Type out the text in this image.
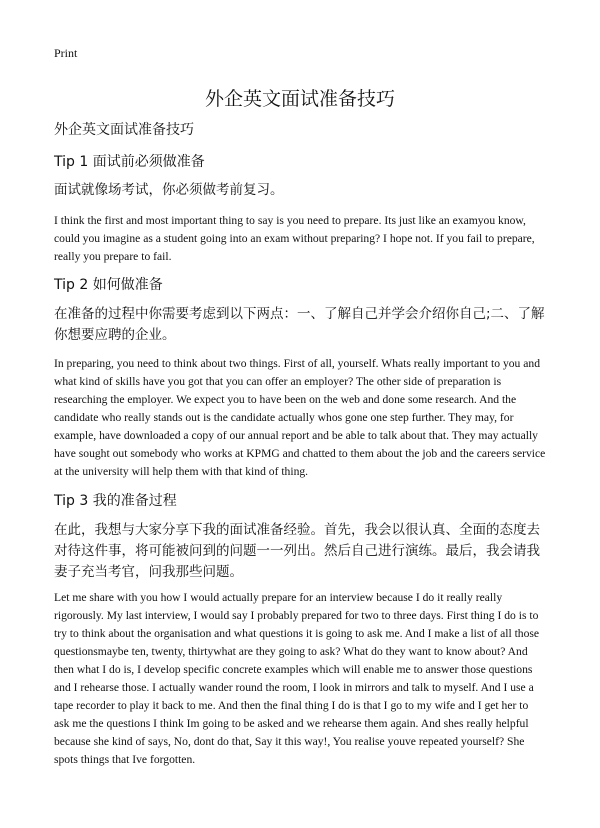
Print
外企英文面试准备技巧

外企英文面试准备技巧

Tip 1 面试前必须做准备

面试就像场考试，你必须做考前复习。

I think the first and most important thing to say is you need to prepare. Its just like an examyou know, could you imagine as a student going into an exam without preparing? I hope not. If you fail to prepare, really you prepare to fail.

Tip 2 如何做准备

在准备的过程中你需要考虑到以下两点：一、了解自己并学会介绍你自己;二、了解你想要应聘的企业。

In preparing, you need to think about two things. First of all, yourself. Whats really important to you and what kind of skills have you got that you can offer an employer? The other side of preparation is researching the employer. We expect you to have been on the web and done some research. And the candidate who really stands out is the candidate actually whos gone one step further. They may, for example, have downloaded a copy of our annual report and be able to talk about that. They may actually have sought out somebody who works at KPMG and chatted to them about the job and the careers service at the university will help them with that kind of thing.

Tip 3 我的准备过程

在此，我想与大家分享下我的面试准备经验。首先，我会以很认真、全面的态度去对待这件事，将可能被问到的问题一一列出。然后自己进行演练。最后，我会请我妻子充当考官，问我那些问题。

Let me share with you how I would actually prepare for an interview because I do it really really rigorously. My last interview, I would say I probably prepared for two to three days. First thing I do is to try to think about the organisation and what questions it is going to ask me. And I make a list of all those questionsmaybe ten, twenty, thirtywhat are they going to ask? What do they want to know about? And then what I do is, I develop specific concrete examples which will enable me to answer those questions and I rehearse those. I actually wander round the room, I look in mirrors and talk to myself. And I use a tape recorder to play it back to me. And then the final thing I do is that I go to my wife and I get her to ask me the questions I think Im going to be asked and we rehearse them again. And shes really helpful because she kind of says, No, dont do that, Say it this way!, You realise youve repeated yourself? She spots things that Ive forgotten.
